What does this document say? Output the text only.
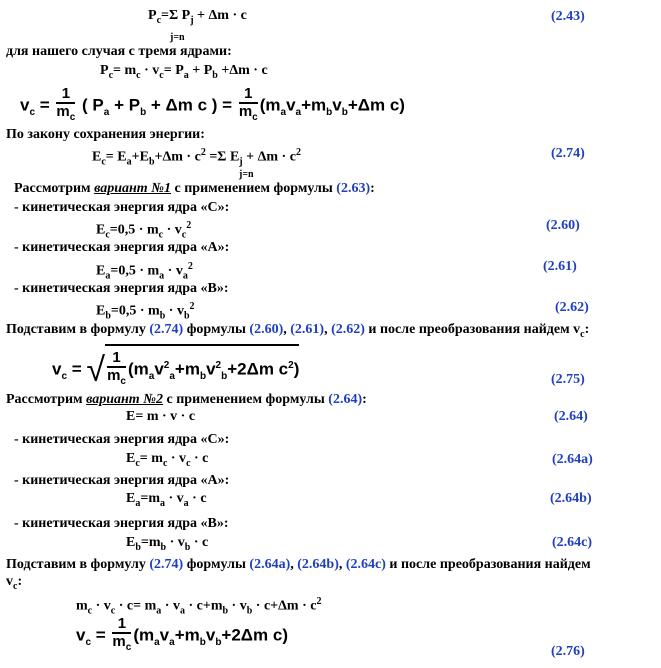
$P_c=\Sigma$ $P_j + \Delta m \cdot c$	(2.43)
j=n
для нашего случая с тремя ядрами:
$P_c= m_c \cdot v_c= P_a + P_b +\Delta m \cdot c$
$v_c = \frac{1}{m_c}$ ( $P_a + P_b + \Delta m$ c ) = $\frac{1}{m_c} (m_av_a+m_bv_b+\Delta m$ c)
По закону сохранения энергии:
$E_c= E_a+E_b+\Delta m \cdot c^2 =\Sigma$ $E_j + \Delta m \cdot c^2$	(2.74)
j=n
Рассмотрим вариант №1 с применением формулы (2.63):
- кинетическая энергия ядра «С»:
$E_c=0,5 \cdot m_c \cdot v_c^2$	(2.60)
- кинетическая энергия ядра «А»:
$E_a=0,5 \cdot m_a \cdot v_a^2$	(2.61)
- кинетическая энергия ядра «В»:
$E_b=0,5 \cdot m_b \cdot v_b^2$	(2.62)
Подставим в формулу (2.74) формулы (2.60), (2.61), (2.62) и после преобразования найдем $v_c$:
$v_c$ = √ $\frac{1}{m_c} (m_av^2_a+m_bv^2_b+2\Delta m$ $c^2$)
(2.75)
Рассмотрим вариант №2 с применением формулы (2.64):
E= m · v · c	(2.64)
- кинетическая энергия ядра «С»:
$E_c= m_c \cdot v_c \cdot c$	(2.64a)
- кинетическая энергия ядра «А»:
$E_a=m_a \cdot v_a \cdot c$	(2.64b)
- кинетическая энергия ядра «В»:
$E_b=m_b \cdot v_b \cdot c$	(2.64c)
Подставим в формулу (2.74) формулы (2.64a), (2.64b), (2.64c) и после преобразования найдем
$v_c$:
$m_c \cdot v_c \cdot c= m_a \cdot v_a \cdot c+m_b \cdot v_b \cdot c+\Delta m \cdot c^2$
$v_c = \frac{1}{m_c} (m_av_a+m_bv_b+2\Delta m$ c)
(2.76)
